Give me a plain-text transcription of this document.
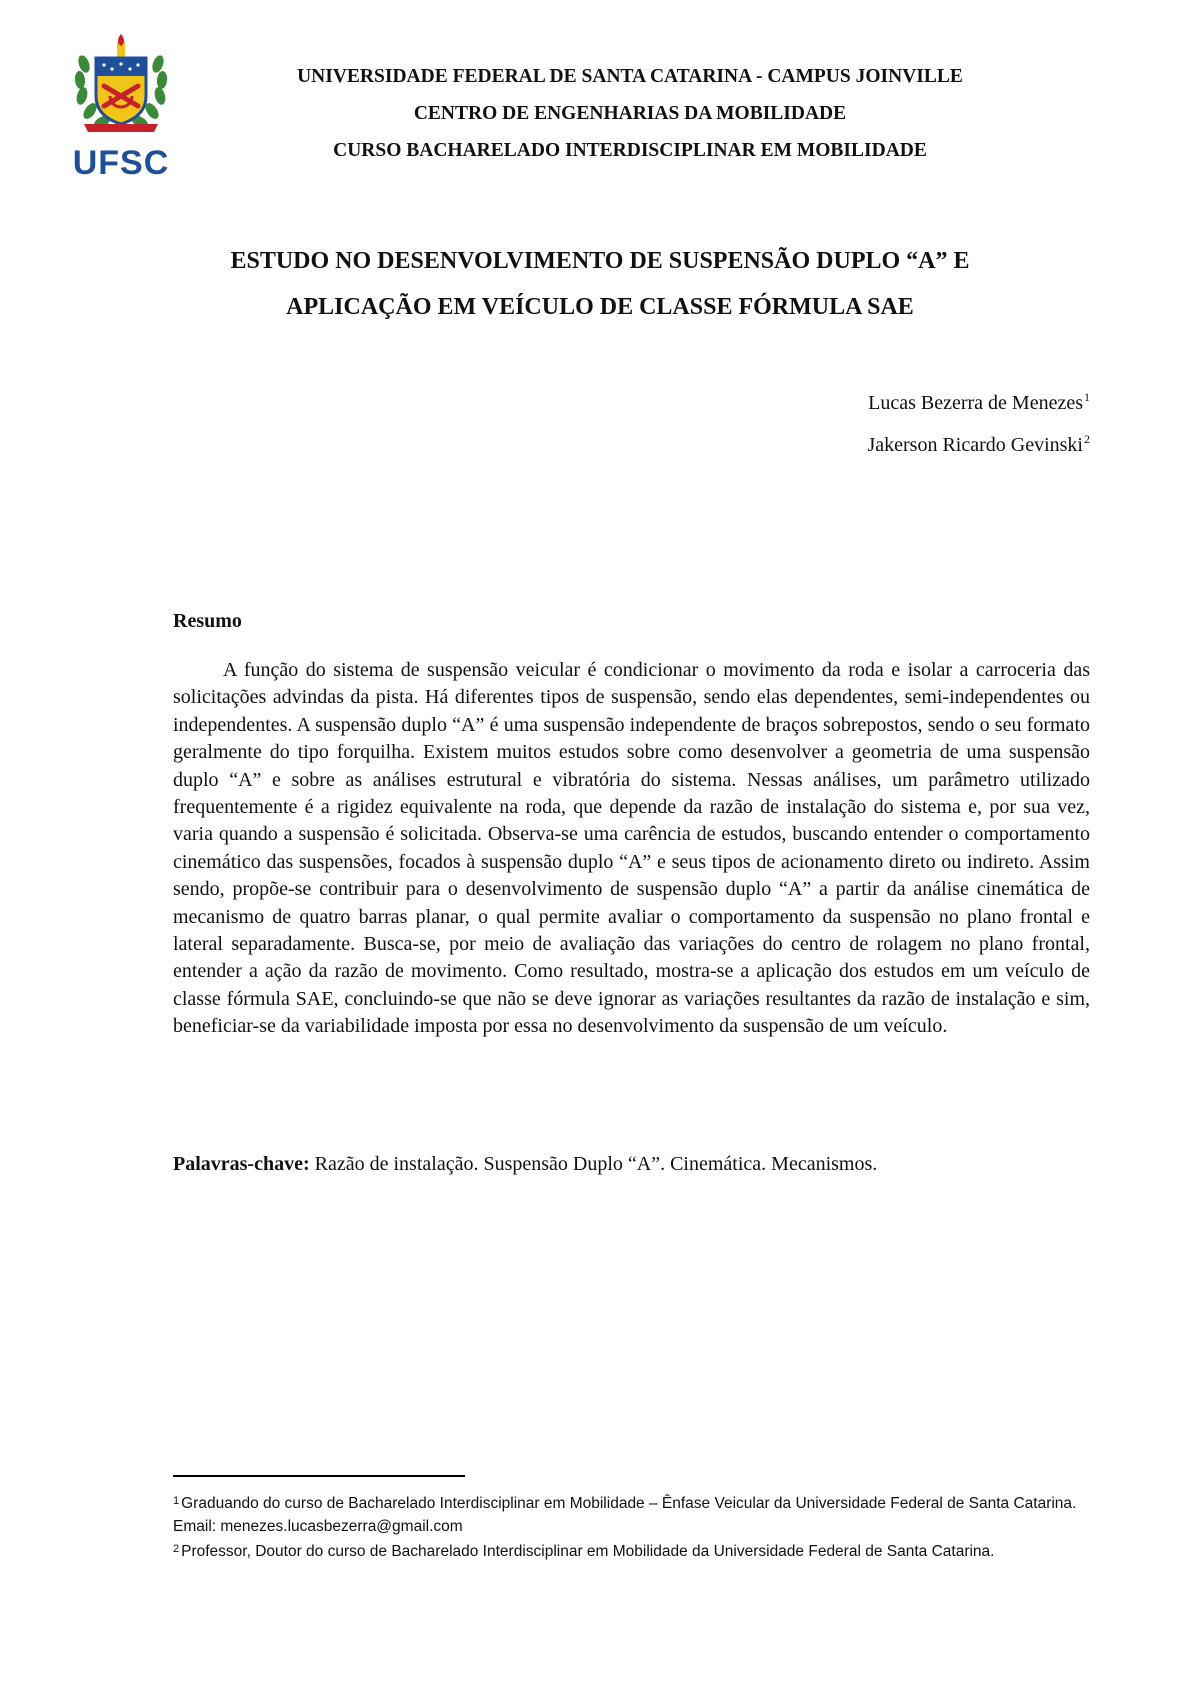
UFSC
UNIVERSIDADE FEDERAL DE SANTA CATARINA - CAMPUS JOINVILLE
CENTRO DE ENGENHARIAS DA MOBILIDADE
CURSO BACHARELADO INTERDISCIPLINAR EM MOBILIDADE
ESTUDO NO DESENVOLVIMENTO DE SUSPENSÃO DUPLO “A” E
APLICAÇÃO EM VEÍCULO DE CLASSE FÓRMULA SAE
Lucas Bezerra de Menezes$^1$
Jakerson Ricardo Gevinski$^2$
Resumo

A função do sistema de suspensão veicular é condicionar o movimento da roda e isolar a carroceria das solicitações advindas da pista. Há diferentes tipos de suspensão, sendo elas dependentes, semi-independentes ou independentes. A suspensão duplo “A” é uma suspensão independente de braços sobrepostos, sendo o seu formato geralmente do tipo forquilha. Existem muitos estudos sobre como desenvolver a geometria de uma suspensão duplo “A” e sobre as análises estrutural e vibratória do sistema. Nessas análises, um parâmetro utilizado frequentemente é a rigidez equivalente na roda, que depende da razão de instalação do sistema e, por sua vez, varia quando a suspensão é solicitada. Observa-se uma carência de estudos, buscando entender o comportamento cinemático das suspensões, focados à suspensão duplo “A” e seus tipos de acionamento direto ou indireto. Assim sendo, propõe-se contribuir para o desenvolvimento de suspensão duplo “A” a partir da análise cinemática de mecanismo de quatro barras planar, o qual permite avaliar o comportamento da suspensão no plano frontal e lateral separadamente. Busca-se, por meio de avaliação das variações do centro de rolagem no plano frontal, entender a ação da razão de movimento. Como resultado, mostra-se a aplicação dos estudos em um veículo de classe fórmula SAE, concluindo-se que não se deve ignorar as variações resultantes da razão de instalação e sim, beneficiar-se da variabilidade imposta por essa no desenvolvimento da suspensão de um veículo.

Palavras-chave: Razão de instalação. Suspensão Duplo “A”. Cinemática. Mecanismos.

$^1$ Graduando do curso de Bacharelado Interdisciplinar em Mobilidade – Ênfase Veicular da Universidade Federal de Santa Catarina. Email: menezes.lucasbezerra@gmail.com

$^2$ Professor, Doutor do curso de Bacharelado Interdisciplinar em Mobilidade da Universidade Federal de Santa Catarina.
